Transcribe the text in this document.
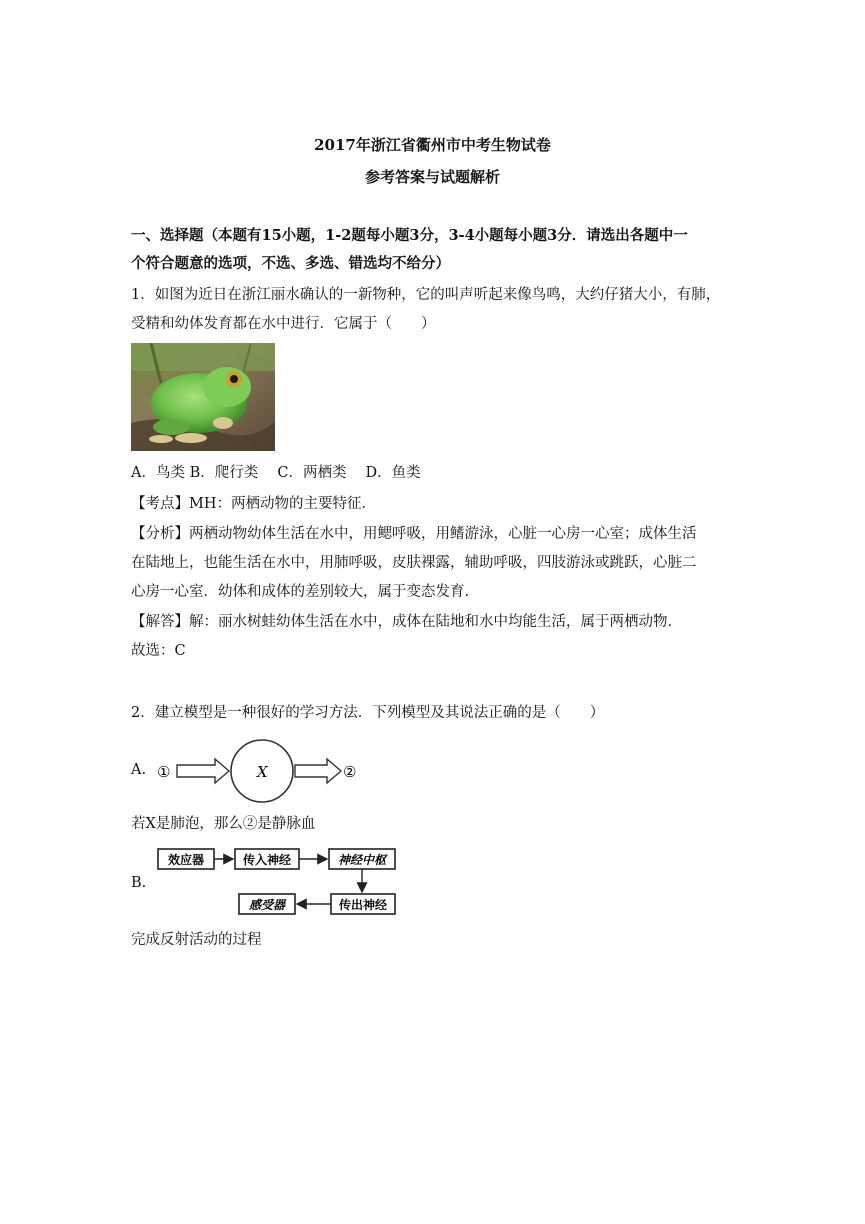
2017年浙江省衢州市中考生物试卷
参考答案与试题解析
一、选择题（本题有15小题，1-2题每小题3分，3-4小题每小题3分．请选出各题中一
个符合题意的选项，不选、多选、错选均不给分）
1．如图为近日在浙江丽水确认的一新物种，它的叫声听起来像鸟鸣，大约仔猪大小，有肺，
受精和幼体发育都在水中进行．它属于（　　）
A．鸟类 B．爬行类　 C．两栖类　 D．鱼类
【考点】MH：两栖动物的主要特征．
【分析】两栖动物幼体生活在水中，用鳃呼吸，用鳍游泳，心脏一心房一心室；成体生活
在陆地上，也能生活在水中，用肺呼吸，皮肤裸露，辅助呼吸，四肢游泳或跳跃，心脏二
心房一心室．幼体和成体的差别较大，属于变态发育．
【解答】解：丽水树蛙幼体生活在水中，成体在陆地和水中均能生活，属于两栖动物．
故选：C
2．建立模型是一种很好的学习方法．下列模型及其说法正确的是（　　）
A. ①	X	②
若X是肺泡，那么②是静脉血
B.
效应器	传入神经	神经中枢
传出神经
感受器
完成反射活动的过程
